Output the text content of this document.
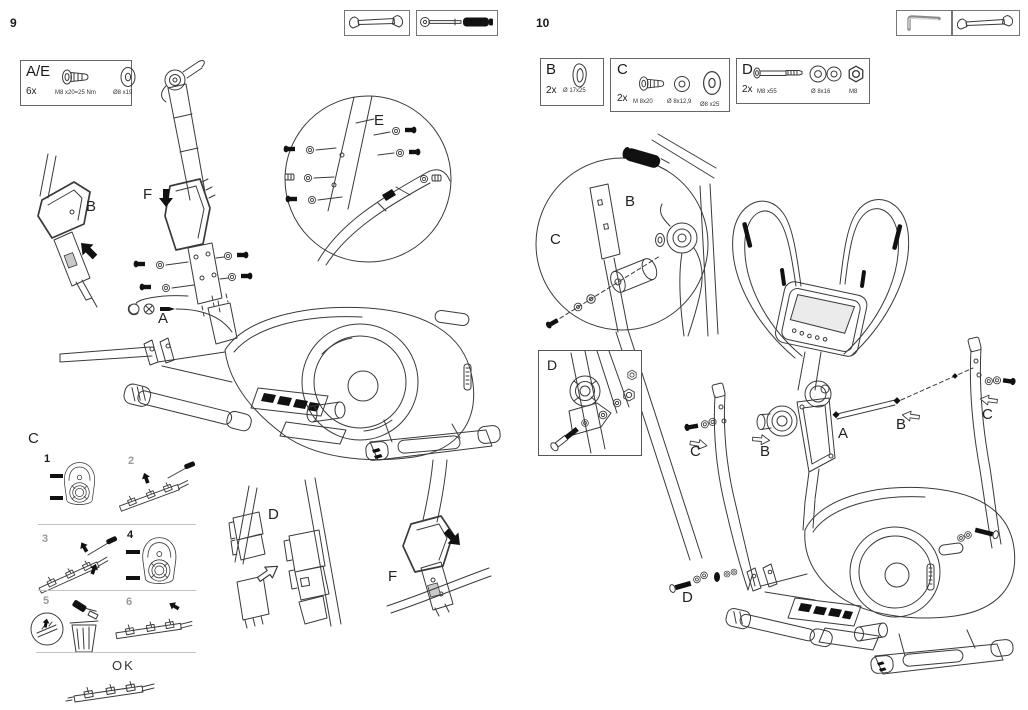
9
A/E
6x	M8 x20=25 Nm	Ø8 x19
B
F
A
E
C
1	2
3	4
5	6
OK
D
F
10
B
2x Ø 17x25
C
2x M 8x20 Ø 8x12,9 Ø8 x25
D
2x M8 x55	Ø 8x16	M8
B
C
D
C	B
A
B
C
D
